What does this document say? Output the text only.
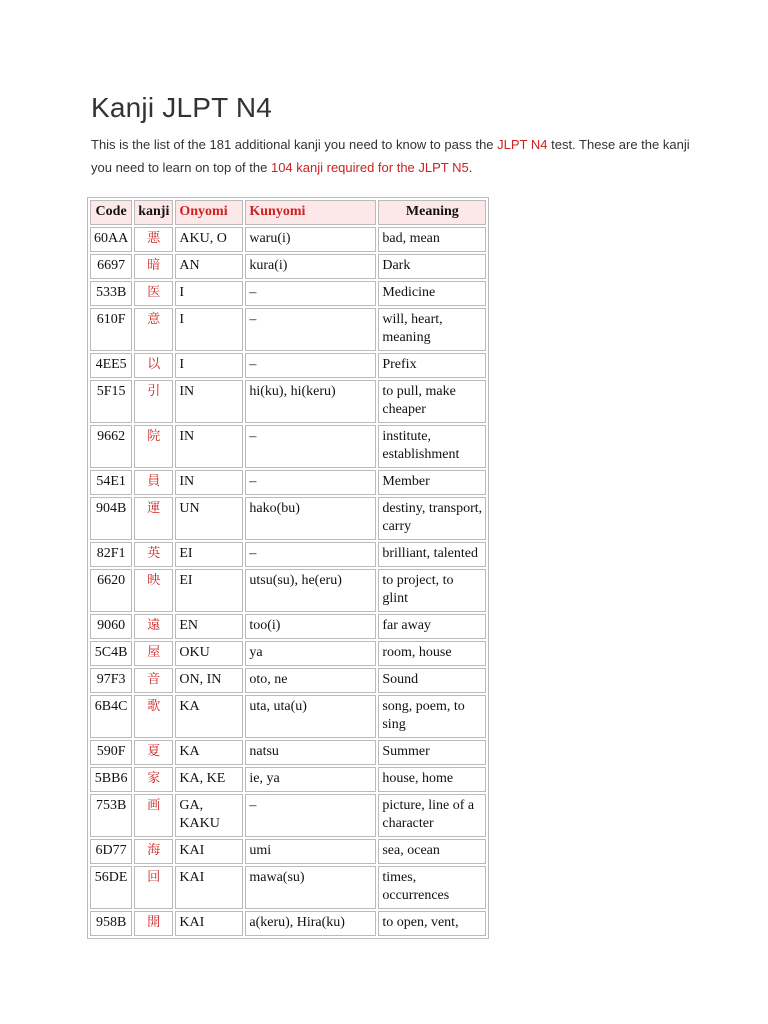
Kanji JLPT N4

This is the list of the 181 additional kanji you need to know to pass the JLPT N4 test. These are the kanji you need to learn on top of the 104 kanji required for the JLPT N5.

Code	kanji	Onyomi	Kunyomi	Meaning
60AA	悪	AKU, O	waru(i)	bad, mean
6697	暗	AN	kura(i)	Dark
533B	医	I	–	Medicine
610F	意	I	–	will, heart, meaning
4EE5	以	I	–	Prefix
5F15	引	IN	hi(ku), hi(keru)	to pull, make cheaper
9662	院	IN	–	institute, establishment
54E1	員	IN	–	Member
904B	運	UN	hako(bu)	destiny, transport, carry
82F1	英	EI	–	brilliant, talented
6620	映	EI	utsu(su), he(eru)	to project, to glint
9060	遠	EN	too(i)	far away
5C4B	屋	OKU	ya	room, house
97F3	音	ON, IN	oto, ne	Sound
6B4C	歌	KA	uta, uta(u)	song, poem, to sing
590F	夏	KA	natsu	Summer
5BB6	家	KA, KE	ie, ya	house, home
753B	画	GA, KAKU	–	picture, line of a character
6D77	海	KAI	umi	sea, ocean
56DE	回	KAI	mawa(su)	times, occurrences
958B	開	KAI	a(keru), Hira(ku)	to open, vent,
